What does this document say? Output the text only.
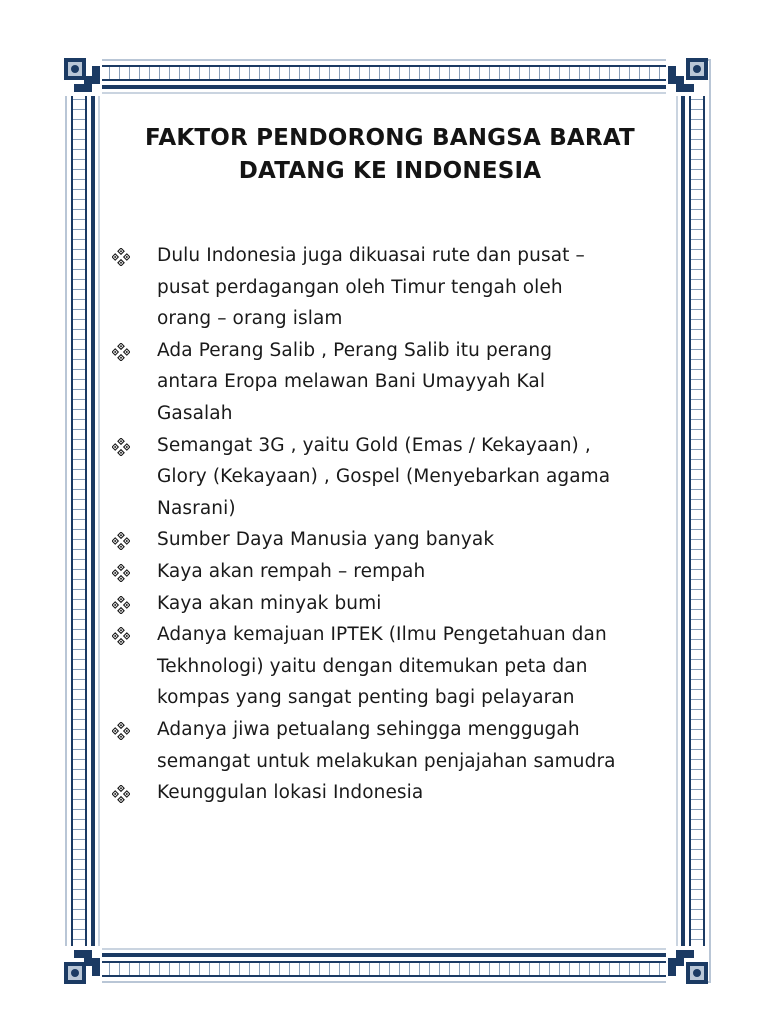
FAKTOR PENDORONG BANGSA BARAT
DATANG KE INDONESIA
Dulu Indonesia juga dikuasai rute dan pusat –
pusat perdagangan oleh Timur tengah oleh
orang – orang islam
Ada Perang Salib , Perang Salib itu perang
antara Eropa melawan Bani Umayyah Kal
Gasalah
Semangat 3G , yaitu Gold (Emas / Kekayaan) ,
Glory (Kekayaan) , Gospel (Menyebarkan agama
Nasrani)
Sumber Daya Manusia yang banyak
Kaya akan rempah – rempah
Kaya akan minyak bumi
Adanya kemajuan IPTEK (Ilmu Pengetahuan dan
Tekhnologi) yaitu dengan ditemukan peta dan
kompas yang sangat penting bagi pelayaran
Adanya jiwa petualang sehingga menggugah
semangat untuk melakukan penjajahan samudra
Keunggulan lokasi Indonesia
